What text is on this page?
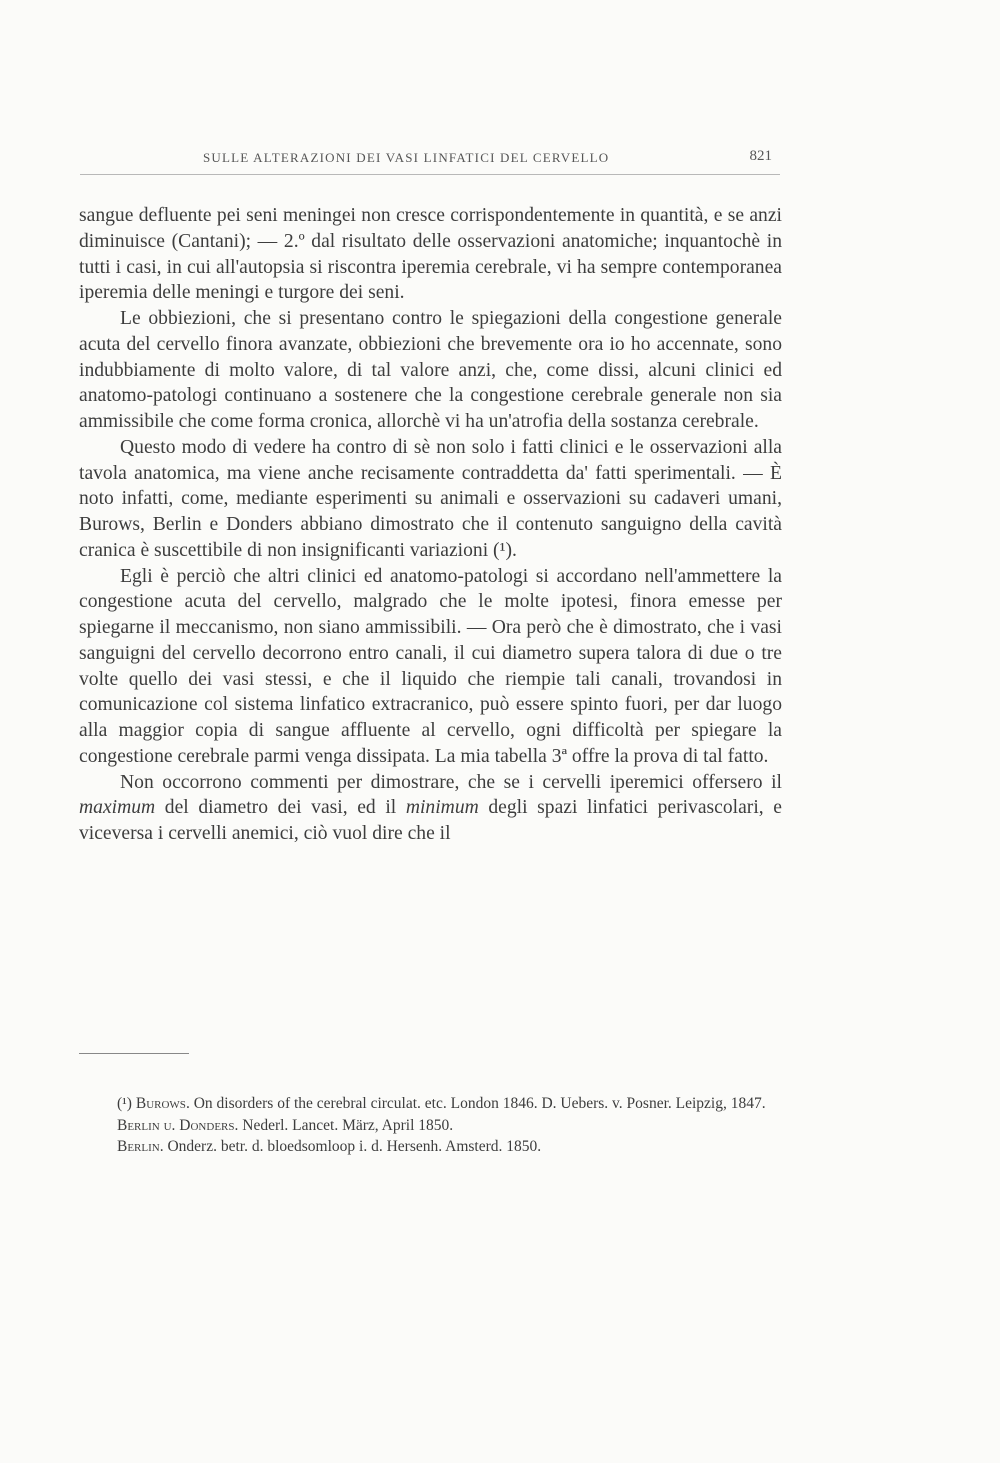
SULLE ALTERAZIONI DEI VASI LINFATICI DEL CERVELLO	821

sangue defluente pei seni meningei non cresce corrispondentemente in quantità, e se anzi diminuisce (Cantani); — 2.º dal risultato delle osservazioni anatomiche; inquantochè in tutti i casi, in cui all'autopsia si riscontra iperemia cerebrale, vi ha sempre contemporanea iperemia delle meningi e turgore dei seni.

Le obbiezioni, che si presentano contro le spiegazioni della congestione generale acuta del cervello finora avanzate, obbiezioni che brevemente ora io ho accennate, sono indubbiamente di molto valore, di tal valore anzi, che, come dissi, alcuni clinici ed anatomo-patologi continuano a sostenere che la congestione cerebrale generale non sia ammissibile che come forma cronica, allorchè vi ha un'atrofia della sostanza cerebrale.

Questo modo di vedere ha contro di sè non solo i fatti clinici e le osservazioni alla tavola anatomica, ma viene anche recisamente contraddetta da' fatti sperimentali. — È noto infatti, come, mediante esperimenti su animali e osservazioni su cadaveri umani, Burows, Berlin e Donders abbiano dimostrato che il contenuto sanguigno della cavità cranica è suscettibile di non insignificanti variazioni (¹).

Egli è perciò che altri clinici ed anatomo-patologi si accordano nell'ammettere la congestione acuta del cervello, malgrado che le molte ipotesi, finora emesse per spiegarne il meccanismo, non siano ammissibili. — Ora però che è dimostrato, che i vasi sanguigni del cervello decorrono entro canali, il cui diametro supera talora di due o tre volte quello dei vasi stessi, e che il liquido che riempie tali canali, trovandosi in comunicazione col sistema linfatico extracranico, può essere spinto fuori, per dar luogo alla maggior copia di sangue affluente al cervello, ogni difficoltà per spiegare la congestione cerebrale parmi venga dissipata. La mia tabella 3ª offre la prova di tal fatto.

Non occorrono commenti per dimostrare, che se i cervelli iperemici offersero il maximum del diametro dei vasi, ed il minimum degli spazi linfatici perivascolari, e viceversa i cervelli anemici, ciò vuol dire che il

(¹) Burows. On disorders of the cerebral circulat. etc. London 1846. D. Uebers. v. Posner. Leipzig, 1847.

Berlin u. Donders. Nederl. Lancet. März, April 1850.

Berlin. Onderz. betr. d. bloedsomloop i. d. Hersenh. Amsterd. 1850.
